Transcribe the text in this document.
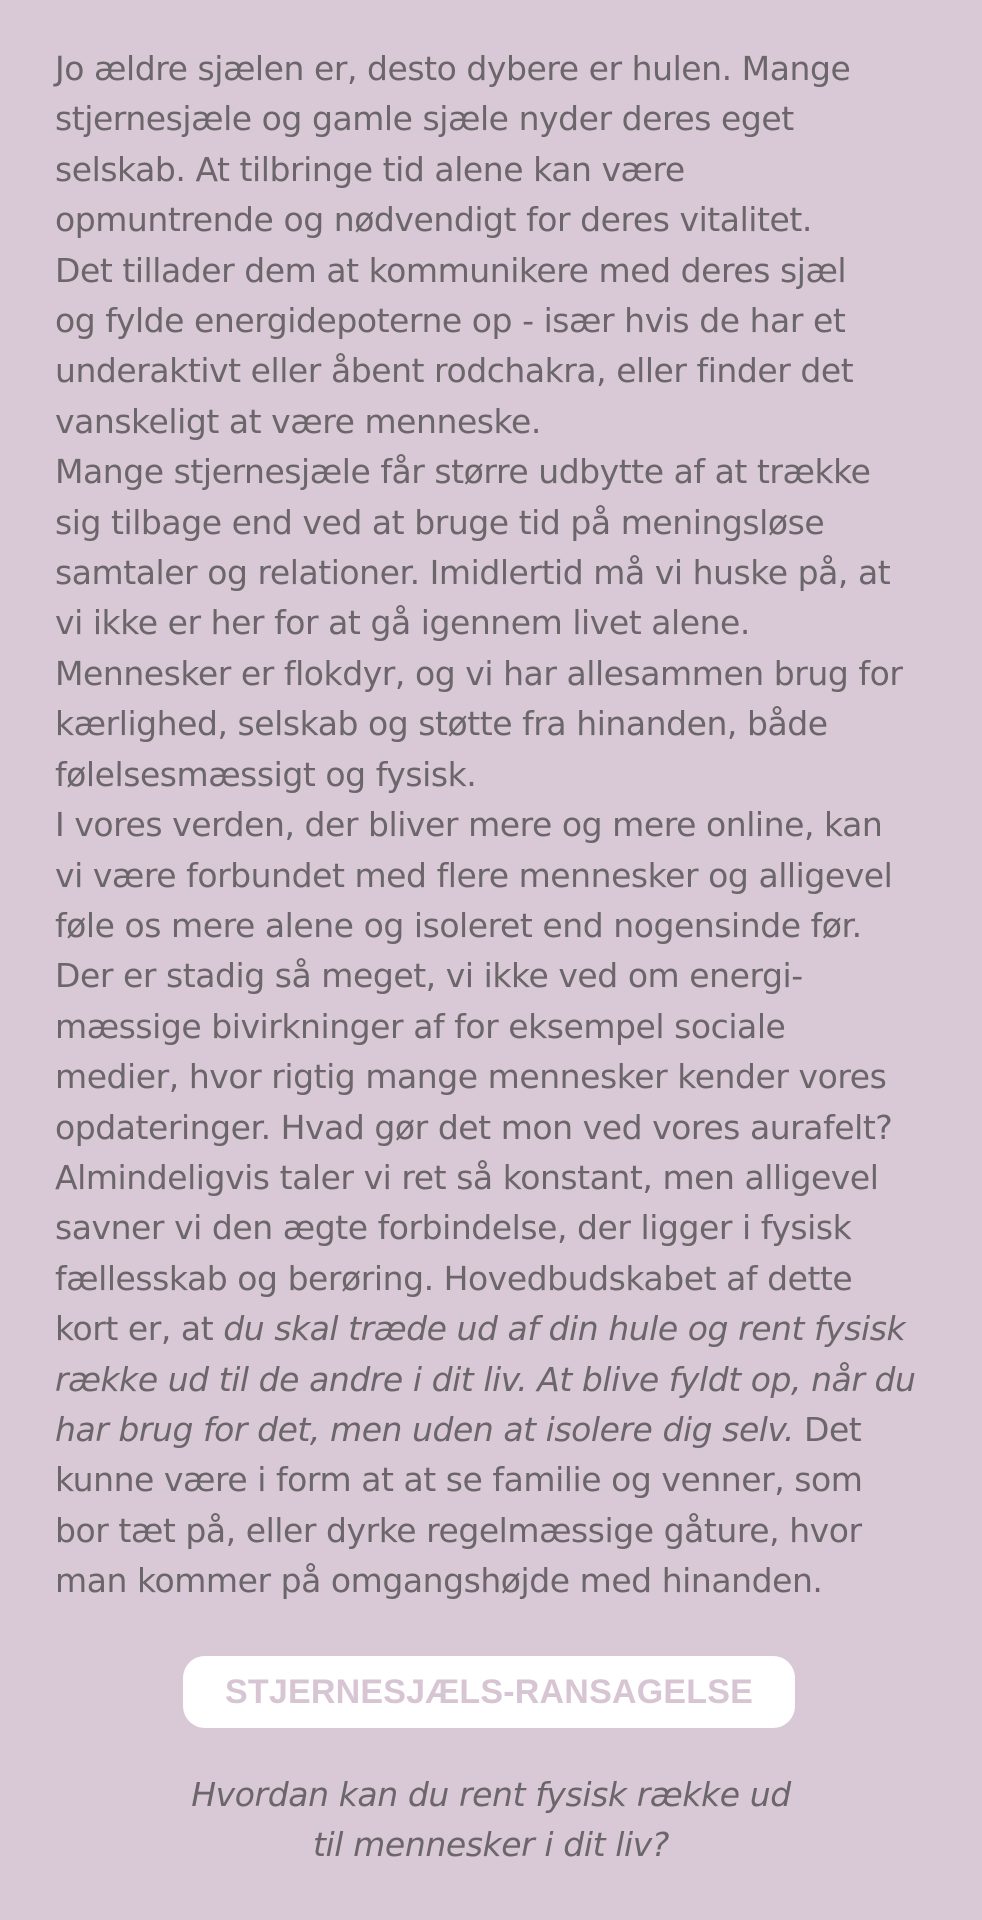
Jo ældre sjælen er, desto dybere er hulen. Mange
stjernesjæle og gamle sjæle nyder deres eget
selskab. At tilbringe tid alene kan være
opmuntrende og nødvendigt for deres vitalitet.
Det tillader dem at kommunikere med deres sjæl
og fylde energidepoterne op - især hvis de har et
underaktivt eller åbent rodchakra, eller finder det
vanskeligt at være menneske.
Mange stjernesjæle får større udbytte af at trække
sig tilbage end ved at bruge tid på meningsløse
samtaler og relationer. Imidlertid må vi huske på, at
vi ikke er her for at gå igennem livet alene.
Mennesker er flokdyr, og vi har allesammen brug for
kærlighed, selskab og støtte fra hinanden, både
følelsesmæssigt og fysisk.
I vores verden, der bliver mere og mere online, kan
vi være forbundet med flere mennesker og alligevel
føle os mere alene og isoleret end nogensinde før.
Der er stadig så meget, vi ikke ved om energi-
mæssige bivirkninger af for eksempel sociale
medier, hvor rigtig mange mennesker kender vores
opdateringer. Hvad gør det mon ved vores aurafelt?
Almindeligvis taler vi ret så konstant, men alligevel
savner vi den ægte forbindelse, der ligger i fysisk
fællesskab og berøring. Hovedbudskabet af dette
kort er, at du skal træde ud af din hule og rent fysisk
række ud til de andre i dit liv. At blive fyldt op, når du
har brug for det, men uden at isolere dig selv. Det
kunne være i form at at se familie og venner, som
bor tæt på, eller dyrke regelmæssige gåture, hvor
man kommer på omgangshøjde med hinanden.

STJERNESJÆLS-RANSAGELSE
Hvordan kan du rent fysisk række ud
til mennesker i dit liv?
